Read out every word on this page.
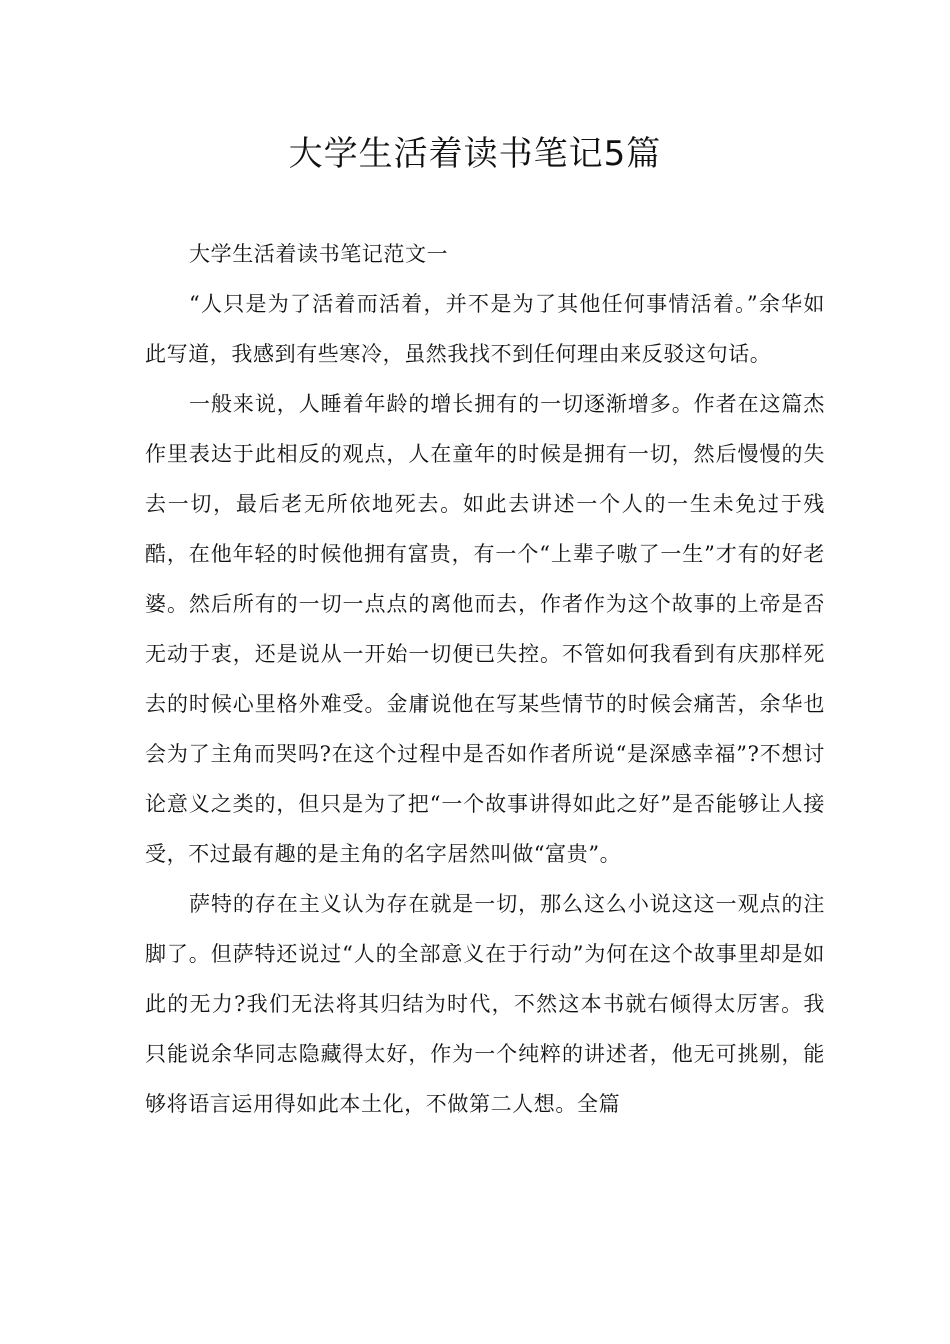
大学生活着读书笔记5篇

大学生活着读书笔记范文一

“人只是为了活着而活着，并不是为了其他任何事情活着。”余华如此写道，我感到有些寒冷，虽然我找不到任何理由来反驳这句话。

一般来说，人睡着年龄的增长拥有的一切逐渐增多。作者在这篇杰作里表达于此相反的观点，人在童年的时候是拥有一切，然后慢慢的失去一切，最后老无所依地死去。如此去讲述一个人的一生未免过于残酷，在他年轻的时候他拥有富贵，有一个“上辈子嗷了一生”才有的好老婆。然后所有的一切一点点的离他而去，作者作为这个故事的上帝是否无动于衷，还是说从一开始一切便已失控。不管如何我看到有庆那样死去的时候心里格外难受。金庸说他在写某些情节的时候会痛苦，余华也会为了主角而哭吗?在这个过程中是否如作者所说“是深感幸福”?不想讨论意义之类的，但只是为了把“一个故事讲得如此之好”是否能够让人接受，不过最有趣的是主角的名字居然叫做“富贵”。

萨特的存在主义认为存在就是一切，那么这么小说这这一观点的注脚了。但萨特还说过“人的全部意义在于行动”为何在这个故事里却是如此的无力?我们无法将其归结为时代，不然这本书就右倾得太厉害。我只能说余华同志隐藏得太好，作为一个纯粹的讲述者，他无可挑剔，能够将语言运用得如此本土化，不做第二人想。全篇
